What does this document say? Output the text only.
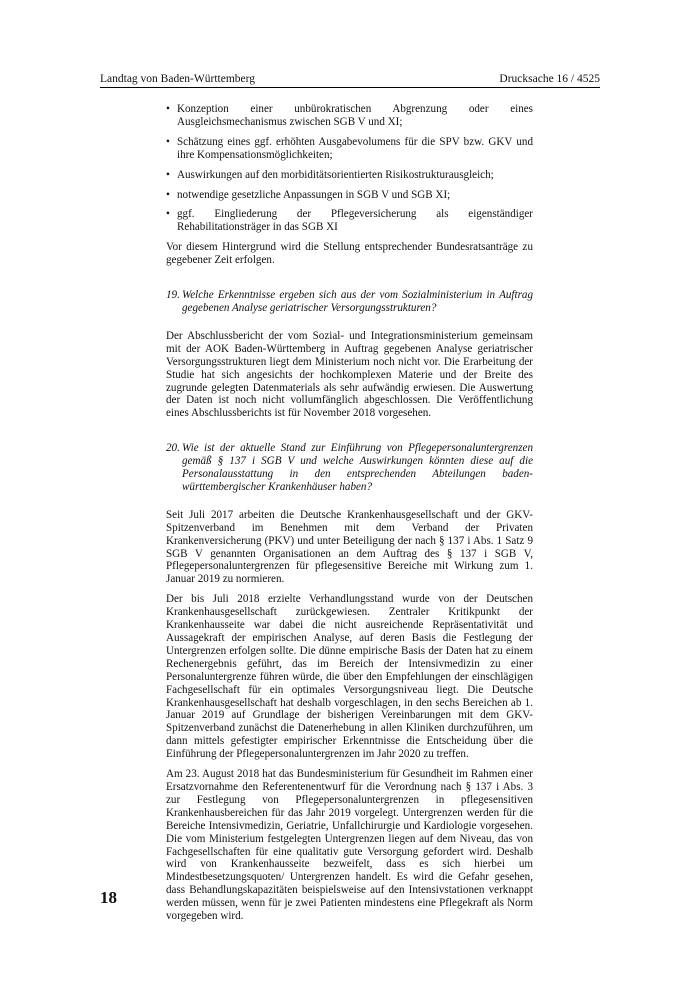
Landtag von Baden-Württemberg	Drucksache 16 / 4525
• Konzeption einer unbürokratischen Abgrenzung oder eines Ausgleichsmechanismus zwischen SGB V und XI;
• Schätzung eines ggf. erhöhten Ausgabevolumens für die SPV bzw. GKV und ihre Kompensationsmöglichkeiten;
• Auswirkungen auf den morbiditätsorientierten Risikostrukturausgleich;
• notwendige gesetzliche Anpassungen in SGB V und SGB XI;
• ggf. Eingliederung der Pflegeversicherung als eigenständiger Rehabilitationsträger in das SGB XI

Vor diesem Hintergrund wird die Stellung entsprechender Bundesratsanträge zu gegebener Zeit erfolgen.

19. Welche Erkenntnisse ergeben sich aus der vom Sozialministerium in Auftrag gegebenen Analyse geriatrischer Versorgungsstrukturen?

Der Abschlussbericht der vom Sozial- und Integrationsministerium gemeinsam mit der AOK Baden-Württemberg in Auftrag gegebenen Analyse geriatrischer Versorgungsstrukturen liegt dem Ministerium noch nicht vor. Die Erarbeitung der Studie hat sich angesichts der hochkomplexen Materie und der Breite des zugrunde gelegten Datenmaterials als sehr aufwändig erwiesen. Die Auswertung der Daten ist noch nicht vollumfänglich abgeschlossen. Die Veröffentlichung eines Abschlussberichts ist für November 2018 vorgesehen.

20. Wie ist der aktuelle Stand zur Einführung von Pflegepersonaluntergrenzen gemäß § 137 i SGB V und welche Auswirkungen könnten diese auf die Personalausstattung in den entsprechenden Abteilungen baden-württembergischer Krankenhäuser haben?

Seit Juli 2017 arbeiten die Deutsche Krankenhausgesellschaft und der GKV-Spitzenverband im Benehmen mit dem Verband der Privaten Krankenversicherung (PKV) und unter Beteiligung der nach § 137 i Abs. 1 Satz 9 SGB V genannten Organisationen an dem Auftrag des § 137 i SGB V, Pflegepersonaluntergrenzen für pflegesensitive Bereiche mit Wirkung zum 1. Januar 2019 zu normieren.

Der bis Juli 2018 erzielte Verhandlungsstand wurde von der Deutschen Krankenhausgesellschaft zurückgewiesen. Zentraler Kritikpunkt der Krankenhausseite war dabei die nicht ausreichende Repräsentativität und Aussagekraft der empirischen Analyse, auf deren Basis die Festlegung der Untergrenzen erfolgen sollte. Die dünne empirische Basis der Daten hat zu einem Rechenergebnis geführt, das im Bereich der Intensivmedizin zu einer Personaluntergrenze führen würde, die über den Empfehlungen der einschlägigen Fachgesellschaft für ein optimales Versorgungsniveau liegt. Die Deutsche Krankenhausgesellschaft hat deshalb vorgeschlagen, in den sechs Bereichen ab 1. Januar 2019 auf Grundlage der bisherigen Vereinbarungen mit dem GKV-Spitzenverband zunächst die Datenerhebung in allen Kliniken durchzuführen, um dann mittels gefestigter empirischer Erkenntnisse die Entscheidung über die Einführung der Pflegepersonaluntergrenzen im Jahr 2020 zu treffen.

Am 23. August 2018 hat das Bundesministerium für Gesundheit im Rahmen einer Ersatzvornahme den Referentenentwurf für die Verordnung nach § 137 i Abs. 3 zur Festlegung von Pflegepersonaluntergrenzen in pflegesensitiven Krankenhausbereichen für das Jahr 2019 vorgelegt. Untergrenzen werden für die Bereiche Intensivmedizin, Geriatrie, Unfallchirurgie und Kardiologie vorgesehen. Die vom Ministerium festgelegten Untergrenzen liegen auf dem Niveau, das von Fachgesellschaften für eine qualitativ gute Versorgung gefordert wird. Deshalb wird von Krankenhausseite bezweifelt, dass es sich hierbei um Mindestbesetzungsquoten/ Untergrenzen handelt. Es wird die Gefahr gesehen, dass Behandlungskapazitäten beispielsweise auf den Intensivstationen verknappt werden müssen, wenn für je zwei Patienten mindestens eine Pflegekraft als Norm vorgegeben wird.

18
